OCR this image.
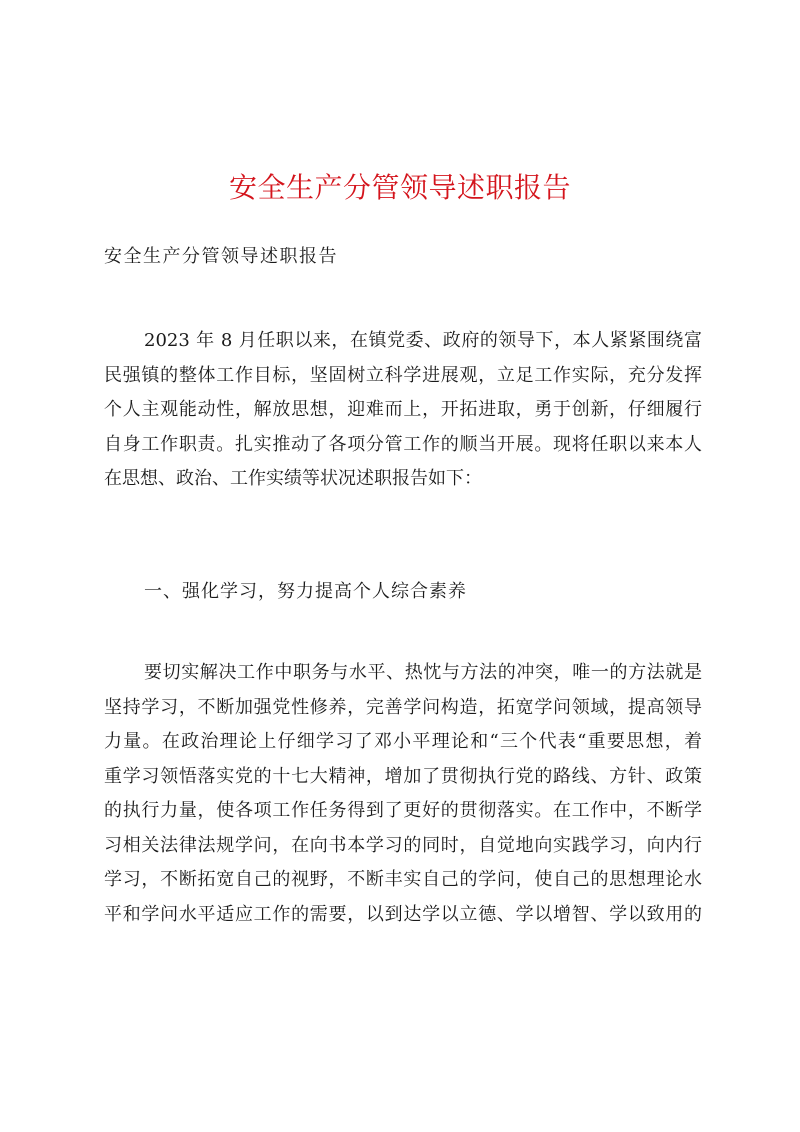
安全生产分管领导述职报告
安全生产分管领导述职报告
2023 年 8 月任职以来，在镇党委、政府的领导下，本人紧紧围绕富
民强镇的整体工作目标，坚固树立科学进展观，立足工作实际，充分发挥
个人主观能动性，解放思想，迎难而上，开拓进取，勇于创新，仔细履行
自身工作职责。扎实推动了各项分管工作的顺当开展。现将任职以来本人
在思想、政治、工作实绩等状况述职报告如下：
一、强化学习，努力提高个人综合素养
要切实解决工作中职务与水平、热忱与方法的冲突，唯一的方法就是
坚持学习，不断加强党性修养，完善学问构造，拓宽学问领域，提高领导
力量。在政治理论上仔细学习了邓小平理论和“三个代表“重要思想，着
重学习领悟落实党的十七大精神，增加了贯彻执行党的路线、方针、政策
的执行力量，使各项工作任务得到了更好的贯彻落实。在工作中，不断学
习相关法律法规学问，在向书本学习的同时，自觉地向实践学习，向内行
学习，不断拓宽自己的视野，不断丰实自己的学问，使自己的思想理论水
平和学问水平适应工作的需要，以到达学以立德、学以增智、学以致用的
